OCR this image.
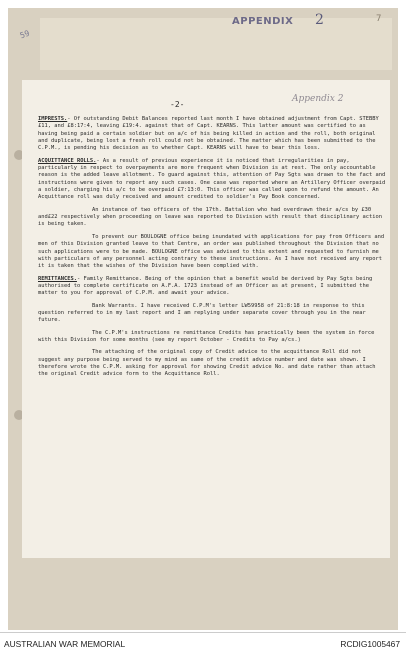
APPENDIX 2	7
59
-2-
Appendix 2

IMPRESTS.- Of outstanding Debit Balances reported last month I have obtained adjustment from Capt. STEBBY £11, and £8:17:4, leaving £19:4. against that of Capt. KEARNS. This latter amount was certified to as having being paid a certain soldier but on a/c of his being killed in action and the roll, both original and duplicate, being lost a fresh roll could not be obtained. The matter which has been submitted to the C.P.M., is pending his decision as to whether Capt. KEARNS will have to bear this loss.

ACQUITTANCE ROLLS.- As a result of previous experience it is noticed that irregularities in pay, particularly in respect to overpayments are more frequent when Division is at rest. The only accountable reason is the added leave allotment. To guard against this, attention of Pay Sgts was drawn to the fact and instructions were given to report any such cases. One case was reported where an Artillery Officer overpaid a soldier, charging his a/c to be overpaid £7:13:0. This officer was called upon to refund the amount. An Acquittance roll was duly received and amount credited to soldier's Pay Book concerned.

An instance of two officers of the 17th. Battalion who had overdrawn their a/cs by £30 and£22 respectively when proceeding on leave was reported to Division with result that disciplinary action is being taken.

To prevent our BOULOGNE office being inundated with applications for pay from Officers and men of this Division granted leave to that Centre, an order was published throughout the Division that no such applications were to be made. BOULOGNE office was advised to this extent and requested to furnish me with particulars of any personnel acting contrary to these instructions. As I have not received any report it is taken that the wishes of the Division have been complied with.

REMITTANCES.- Family Remittance. Being of the opinion that a benefit would be derived by Pay Sgts being authorised to complete certificate on A.F.A. 1723 instead of an Officer as at present, I submitted the matter to you for approval of C.P.M. and await your advice.

Bank Warrants. I have received C.P.M's letter LW59958 of 21:8:18 in response to this question referred to in my last report and I am replying under separate cover through you in the near future.

The C.P.M's instructions re remittance Credits has practically been the system in force with this Division for some months (see my report October - Credits to Pay a/cs.)

The attaching of the original copy of Credit advice to the acquittance Roll did not suggest any purpose being served to my mind as same of the credit advice number and date was shown. I therefore wrote the C.P.M. asking for approval for showing Credit advice No. and date rather than attach the original Credit advice form to the Acquittance Roll.

AUSTRALIAN WAR MEMORIAL	RCDIG1005467
